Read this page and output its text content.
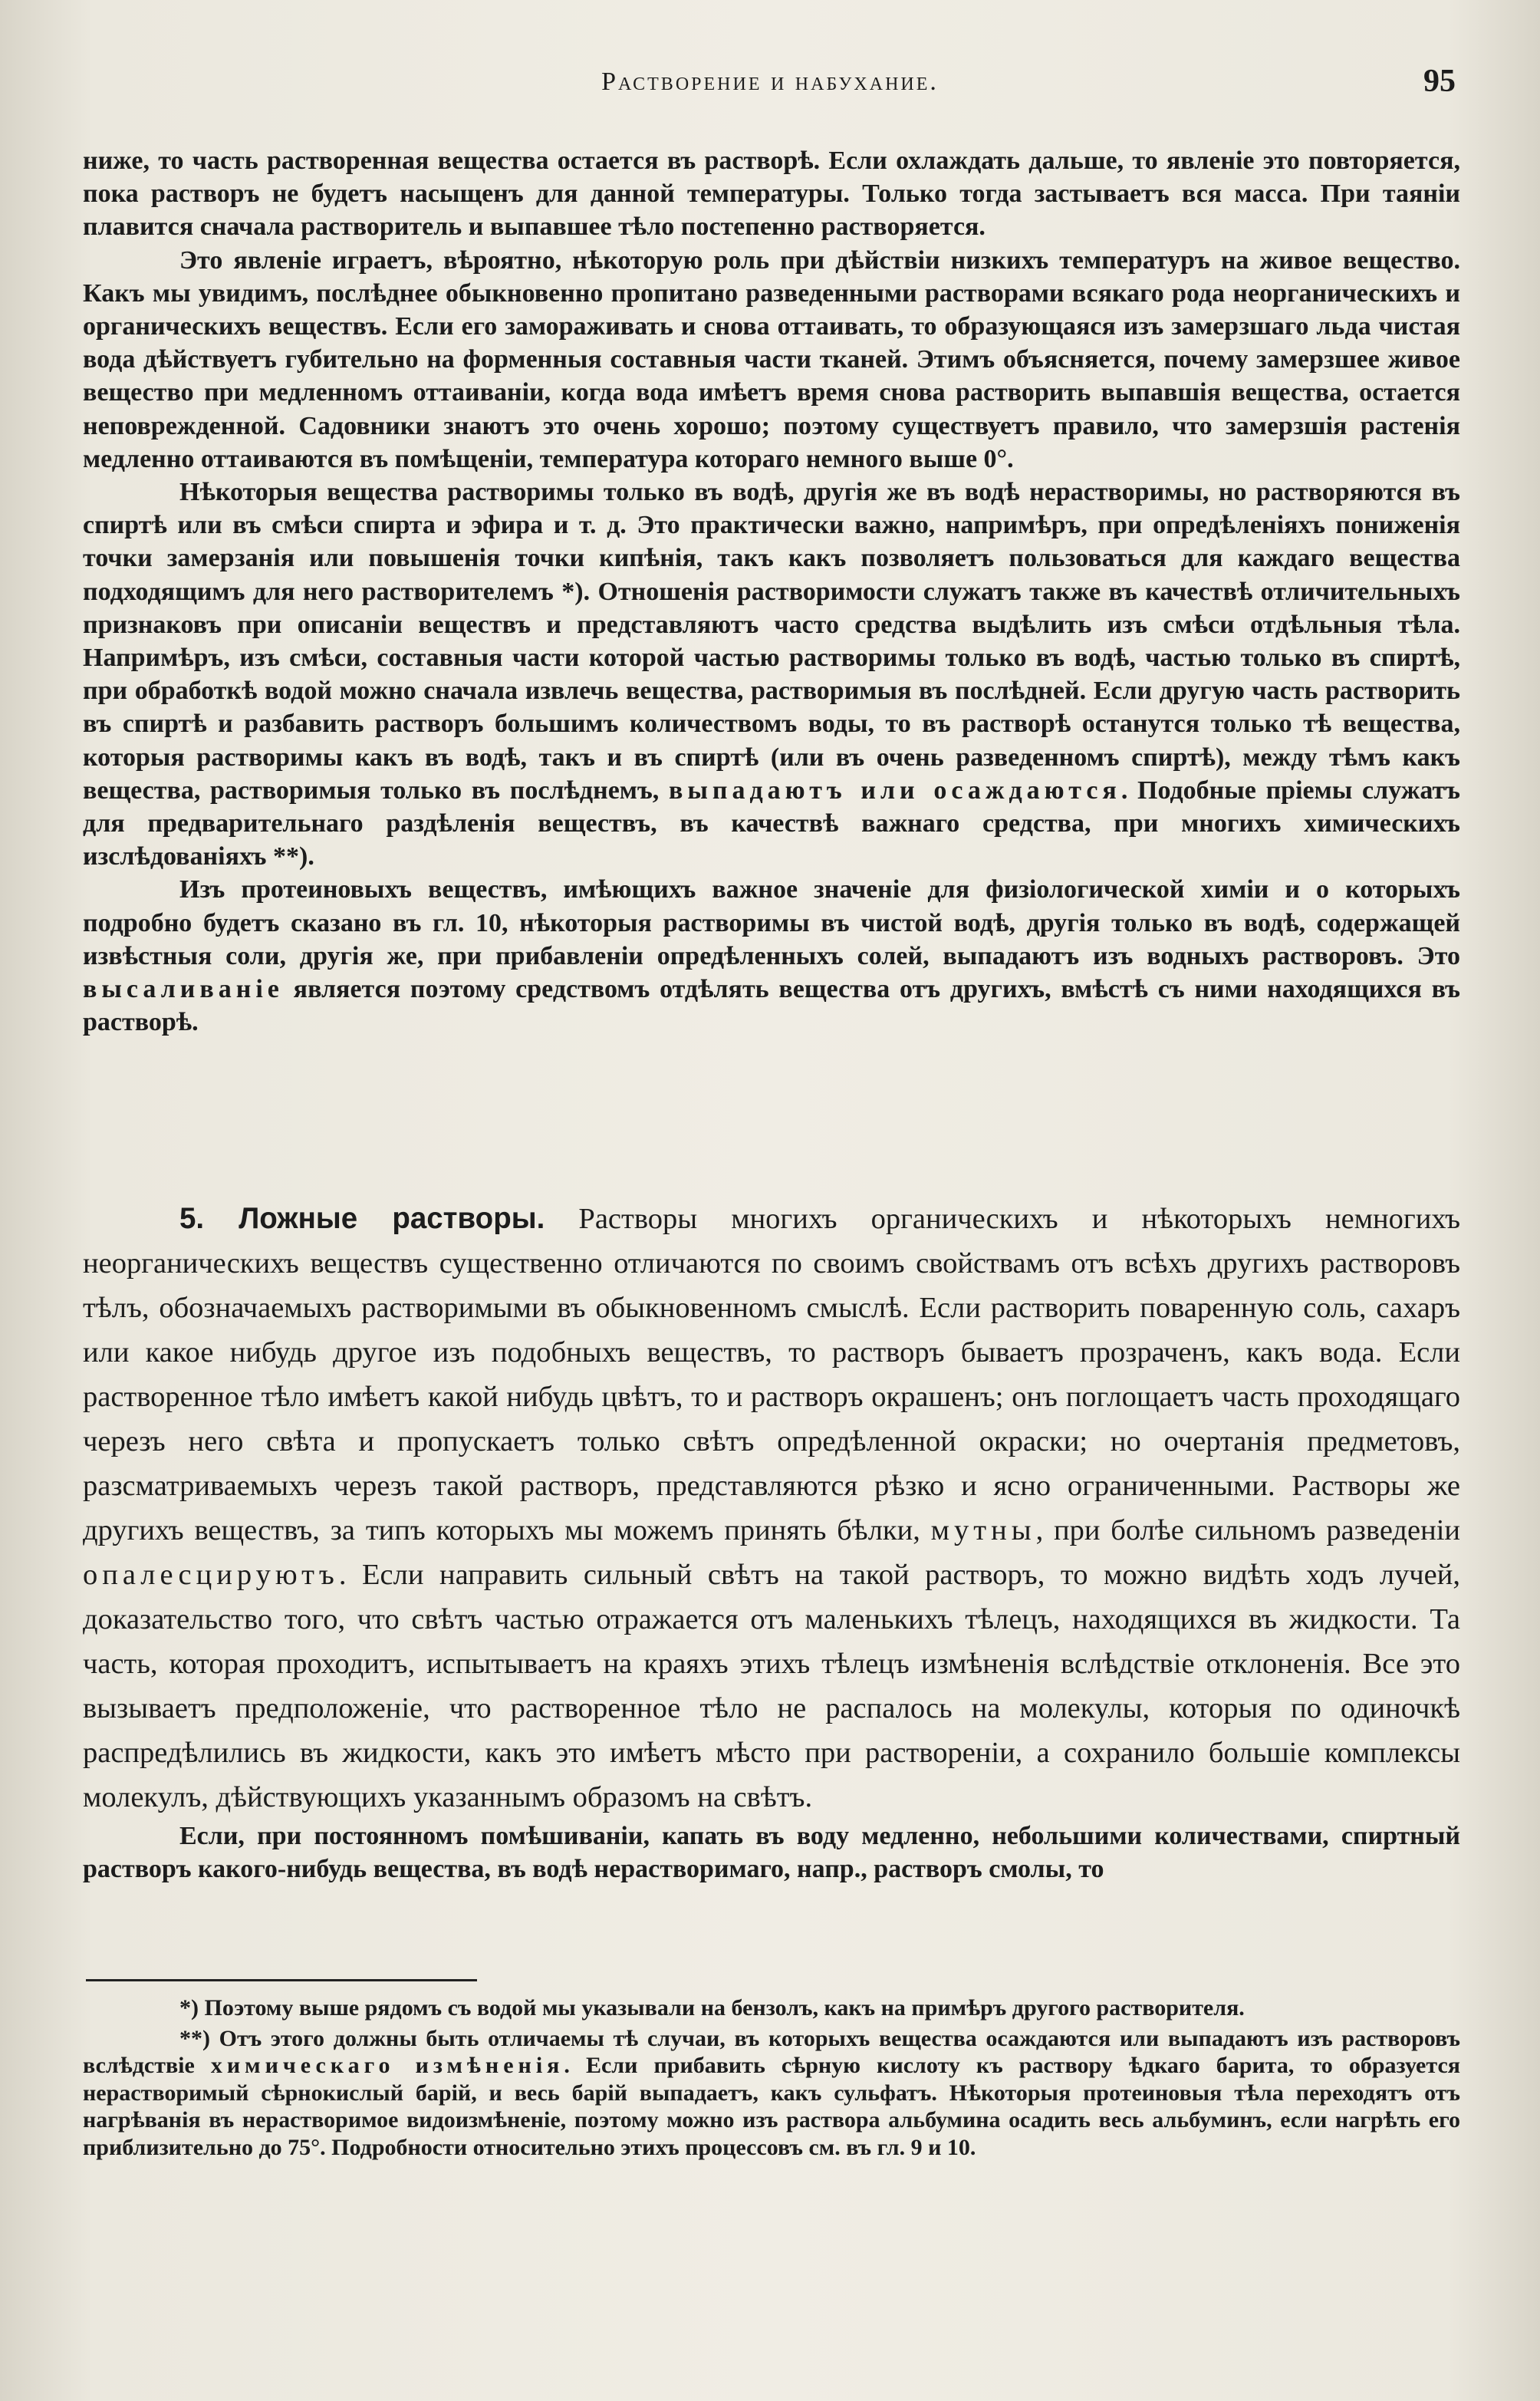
Растворение и набухание.	95

ниже, то часть растворенная вещества остается въ растворѣ. Если охлаждать дальше, то явленіе это повторяется, пока растворъ не будетъ насыщенъ для данной температуры. Только тогда застываетъ вся масса. При таяніи плавится сначала растворитель и выпавшее тѣло постепенно растворяется.

Это явленіе играетъ, вѣроятно, нѣкоторую роль при дѣйствіи низкихъ температуръ на живое вещество. Какъ мы увидимъ, послѣднее обыкновенно пропитано разведенными растворами всякаго рода неорганическихъ и органическихъ веществъ. Если его замораживать и снова оттаивать, то образующаяся изъ замерзшаго льда чистая вода дѣйствуетъ губительно на форменныя составныя части тканей. Этимъ объясняется, почему замерзшее живое вещество при медленномъ оттаиваніи, когда вода имѣетъ время снова растворить выпавшія вещества, остается неповрежденной. Садовники знаютъ это очень хорошо; поэтому существуетъ правило, что замерзшія растенія медленно оттаиваются въ помѣщеніи, температура котораго немного выше 0°.

Нѣкоторыя вещества растворимы только въ водѣ, другія же въ водѣ нерастворимы, но растворяются въ спиртѣ или въ смѣси спирта и эфира и т. д. Это практически важно, напримѣръ, при опредѣленіяхъ пониженія точки замерзанія или повышенія точки кипѣнія, такъ какъ позволяетъ пользоваться для каждаго вещества подходящимъ для него растворителемъ *). Отношенія растворимости служатъ также въ качествѣ отличительныхъ признаковъ при описаніи веществъ и представляютъ часто средства выдѣлить изъ смѣси отдѣльныя тѣла. Напримѣръ, изъ смѣси, составныя части которой частью растворимы только въ водѣ, частью только въ спиртѣ, при обработкѣ водой можно сначала извлечь вещества, растворимыя въ послѣдней. Если другую часть растворить въ спиртѣ и разбавить растворъ большимъ количествомъ воды, то въ растворѣ останутся только тѣ вещества, которыя растворимы какъ въ водѣ, такъ и въ спиртѣ (или въ очень разведенномъ спиртѣ), между тѣмъ какъ вещества, растворимыя только въ послѣднемъ, выпадаютъ или осаждаются. Подобные пріемы служатъ для предварительнаго раздѣленія веществъ, въ качествѣ важнаго средства, при многихъ химическихъ изслѣдованіяхъ **).

Изъ протеиновыхъ веществъ, имѣющихъ важное значеніе для физіологической химіи и о которыхъ подробно будетъ сказано въ гл. 10, нѣкоторыя растворимы въ чистой водѣ, другія только въ водѣ, содержащей извѣстныя соли, другія же, при прибавленіи опредѣленныхъ солей, выпадаютъ изъ водныхъ растворовъ. Это высаливаніе является поэтому средствомъ отдѣлять вещества отъ другихъ, вмѣстѣ съ ними находящихся въ растворѣ.

5. Ложные растворы. Растворы многихъ органическихъ и нѣкоторыхъ немногихъ неорганическихъ веществъ существенно отличаются по своимъ свойствамъ отъ всѣхъ другихъ растворовъ тѣлъ, обозначаемыхъ растворимыми въ обыкновенномъ смыслѣ. Если растворить поваренную соль, сахаръ или какое нибудь другое изъ подобныхъ веществъ, то растворъ бываетъ прозраченъ, какъ вода. Если растворенное тѣло имѣетъ какой нибудь цвѣтъ, то и растворъ окрашенъ; онъ поглощаетъ часть проходящаго черезъ него свѣта и пропускаетъ только свѣтъ опредѣленной окраски; но очертанія предметовъ, разсматриваемыхъ черезъ такой растворъ, представляются рѣзко и ясно ограниченными. Растворы же другихъ веществъ, за типъ которыхъ мы можемъ принять бѣлки, мутны, при болѣе сильномъ разведеніи опалесцируютъ. Если направить сильный свѣтъ на такой растворъ, то можно видѣть ходъ лучей, доказательство того, что свѣтъ частью отражается отъ маленькихъ тѣлецъ, находящихся въ жидкости. Та часть, которая проходитъ, испытываетъ на краяхъ этихъ тѣлецъ измѣненія вслѣдствіе отклоненія. Все это вызываетъ предположеніе, что растворенное тѣло не распалось на молекулы, которыя по одиночкѣ распредѣлились въ жидкости, какъ это имѣетъ мѣсто при раствореніи, а сохранило большіе комплексы молекулъ, дѣйствующихъ указаннымъ образомъ на свѣтъ.

Если, при постоянномъ помѣшиваніи, капать въ воду медленно, небольшими количествами, спиртный растворъ какого-нибудь вещества, въ водѣ нерастворимаго, напр., растворъ смолы, то

*) Поэтому выше рядомъ съ водой мы указывали на бензолъ, какъ на примѣръ другого растворителя.

**) Отъ этого должны быть отличаемы тѣ случаи, въ которыхъ вещества осаждаются или выпадаютъ изъ растворовъ вслѣдствіе химическаго измѣненія. Если прибавить сѣрную кислоту къ раствору ѣдкаго барита, то образуется нерастворимый сѣрнокислый барій, и весь барій выпадаетъ, какъ сульфатъ. Нѣкоторыя протеиновыя тѣла переходятъ отъ нагрѣванія въ нерастворимое видоизмѣненіе, поэтому можно изъ раствора альбумина осадить весь альбуминъ, если нагрѣть его приблизительно до 75°. Подробности относительно этихъ процессовъ см. въ гл. 9 и 10.
